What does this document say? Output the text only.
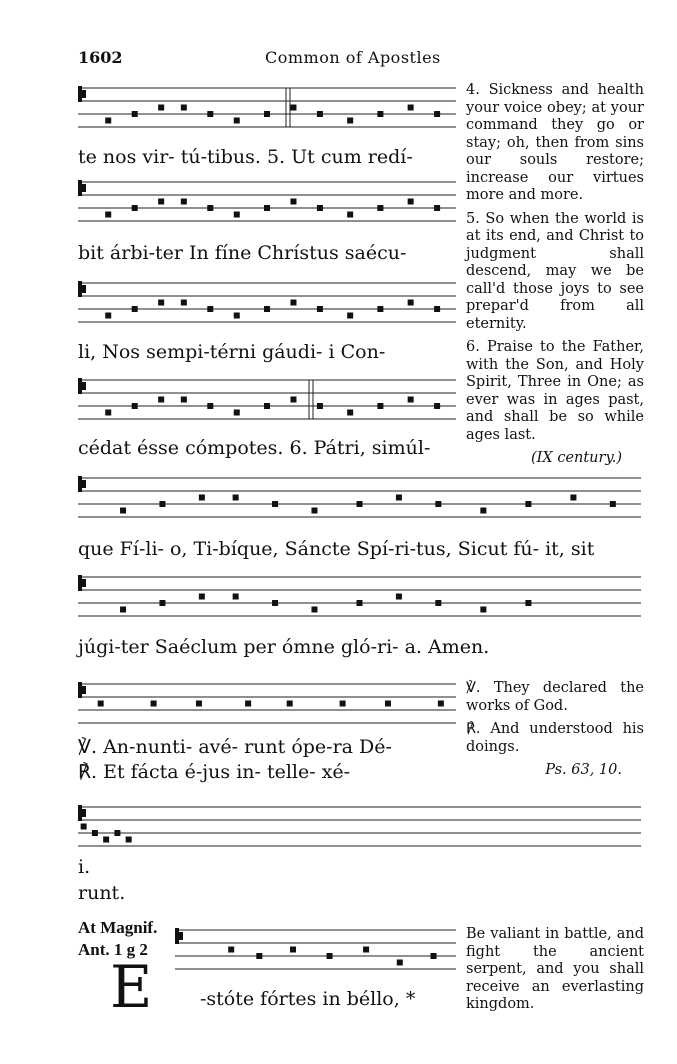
1602	Common of Apostles
te nos vir- tú-tibus. 5. Ut cum redí-
bit árbi-ter In fíne Chrístus saécu-
li, Nos sempi-térni gáudi- i Con-
cédat ésse cómpotes. 6. Pátri, simúl-
que Fí-li- o, Ti-bíque, Sáncte Spí-ri-tus, Sicut fú- it, sit
júgi-ter Saéclum per ómne gló-ri- a. Amen.

4. Sickness and health your voice obey; at your command they go or stay; oh, then from sins our souls restore; increase our virtues more and more.

5. So when the world is at its end, and Christ to judgment shall descend, may we be call'd those joys to see prepar'd from all eternity.

6. Praise to the Father, with the Son, and Holy Spirit, Three in One; as ever was in ages past, and shall be so while ages last.

(IX century.)
℣. An-nunti- avé- runt ópe-ra Dé-
℟. Et fácta é-jus in- telle- xé-

℣. They declared the works of God.

℟. And understood his doings.

Ps. 63, 10.
i.
runt.
At Magnif.
Ant. 1 g 2
E	-stóte fórtes in béllo, *

Be valiant in battle, and fight the ancient serpent, and you shall receive an everlasting kingdom.
